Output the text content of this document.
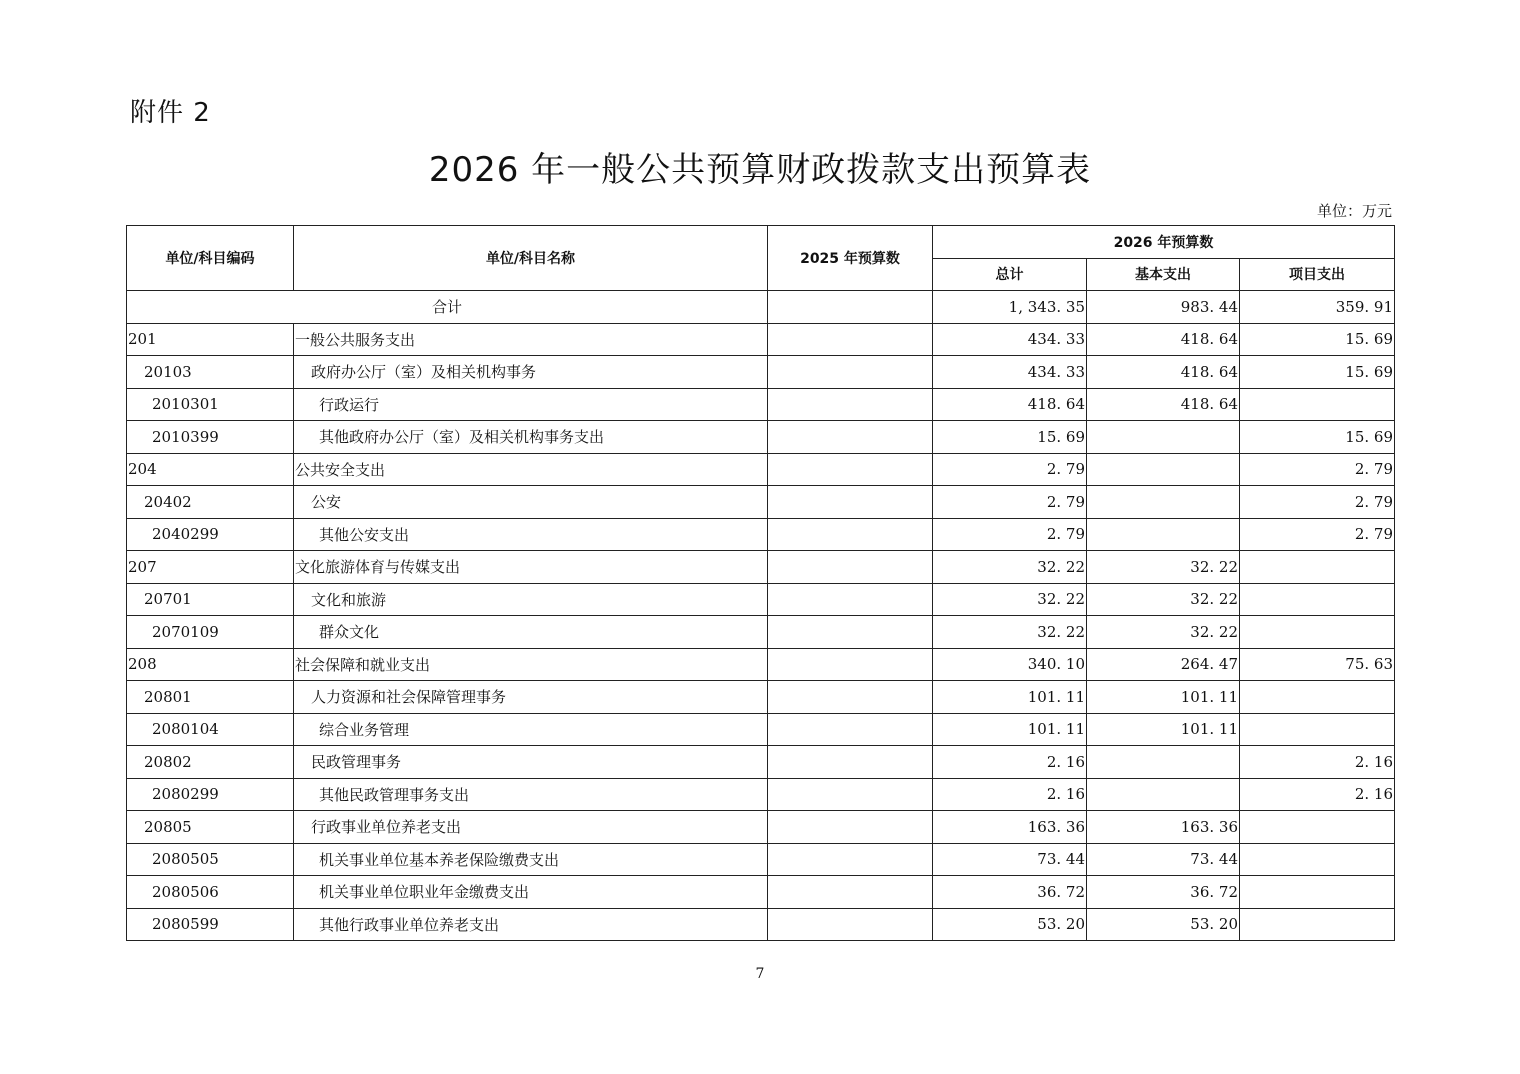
附件 2
2026 年一般公共预算财政拨款支出预算表
单位：万元
单位/科目编码	单位/科目名称	2025 年预算数	2026 年预算数		
			总计	基本支出	项目支出
合计			1, 343. 35	983. 44	359. 91
201	一般公共服务支出		434. 33	418. 64	15. 69
20103	政府办公厅（室）及相关机构事务		434. 33	418. 64	15. 69
2010301	行政运行		418. 64	418. 64	
2010399	其他政府办公厅（室）及相关机构事务支出		15. 69		15. 69
204	公共安全支出		2. 79		2. 79
20402	公安		2. 79		2. 79
2040299	其他公安支出		2. 79		2. 79
207	文化旅游体育与传媒支出		32. 22	32. 22	
20701	文化和旅游		32. 22	32. 22	
2070109	群众文化		32. 22	32. 22	
208	社会保障和就业支出		340. 10	264. 47	75. 63
20801	人力资源和社会保障管理事务		101. 11	101. 11	
2080104	综合业务管理		101. 11	101. 11	
20802	民政管理事务		2. 16		2. 16
2080299	其他民政管理事务支出		2. 16		2. 16
20805	行政事业单位养老支出		163. 36	163. 36	
2080505	机关事业单位基本养老保险缴费支出		73. 44	73. 44	
2080506	机关事业单位职业年金缴费支出		36. 72	36. 72	
2080599	其他行政事业单位养老支出		53. 20	53. 20	
7
